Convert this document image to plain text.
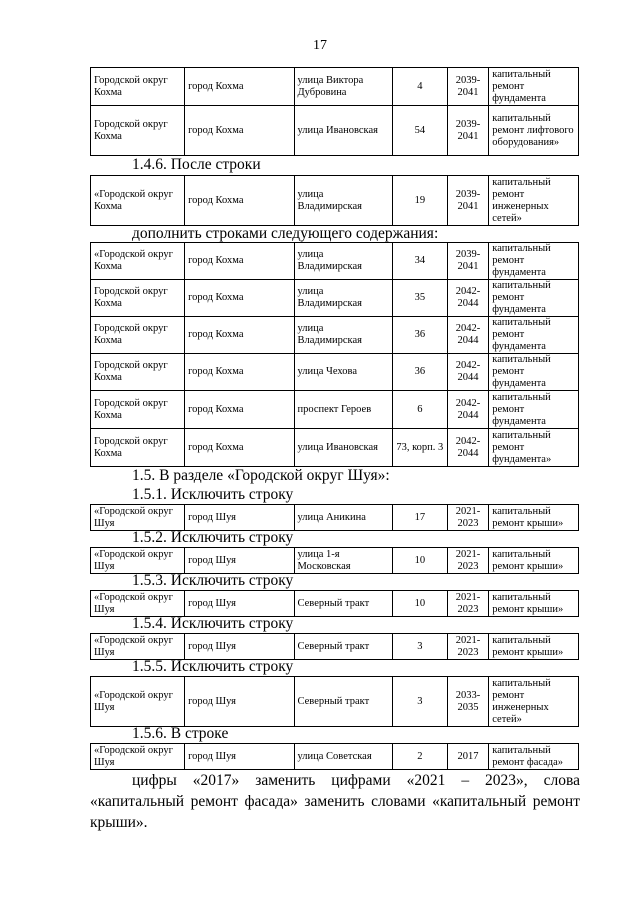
17
Городской округ Кохма	город Кохма	улица Виктора Дубровина	4	2039-2041	капитальный ремонт фундамента
Городской округ Кохма	город Кохма	улица Ивановская	54	2039-2041	капитальный ремонт лифтового оборудования»
«Городской округ Кохма	город Кохма	улица Владимирская	19	2039-2041	капитальный ремонт инженерных сетей»
«Городской округ Кохма	город Кохма	улица Владимирская	34	2039-2041	капитальный ремонт фундамента
Городской округ Кохма	город Кохма	улица Владимирская	35	2042-2044	капитальный ремонт фундамента
Городской округ Кохма	город Кохма	улица Владимирская	36	2042-2044	капитальный ремонт фундамента
Городской округ Кохма	город Кохма	улица Чехова	36	2042-2044	капитальный ремонт фундамента
Городской округ Кохма	город Кохма	проспект Героев	6	2042-2044	капитальный ремонт фундамента
Городской округ Кохма	город Кохма	улица Ивановская	73, корп. 3	2042-2044	капитальный ремонт фундамента»
«Городской округ Шуя	город Шуя	улица Аникина	17	2021-2023	капитальный ремонт крыши»
«Городской округ Шуя	город Шуя	улица 1-я Московская	10	2021-2023	капитальный ремонт крыши»
«Городской округ Шуя	город Шуя	Северный тракт	10	2021-2023	капитальный ремонт крыши»
«Городской округ Шуя	город Шуя	Северный тракт	3	2021-2023	капитальный ремонт крыши»
«Городской округ Шуя	город Шуя	Северный тракт	3	2033-2035	капитальный ремонт инженерных сетей»
«Городской округ Шуя	город Шуя	улица Советская	2	2017	капитальный ремонт фасада»
1.4.6. После строки
дополнить строками следующего содержания:
1.5. В разделе «Городской округ Шуя»:
1.5.1. Исключить строку
1.5.2. Исключить строку
1.5.3. Исключить строку
1.5.4. Исключить строку
1.5.5. Исключить строку
1.5.6. В строке
цифры «2017» заменить цифрами «2021 – 2023», слова «капитальный ремонт фасада» заменить словами «капитальный ремонт крыши».
